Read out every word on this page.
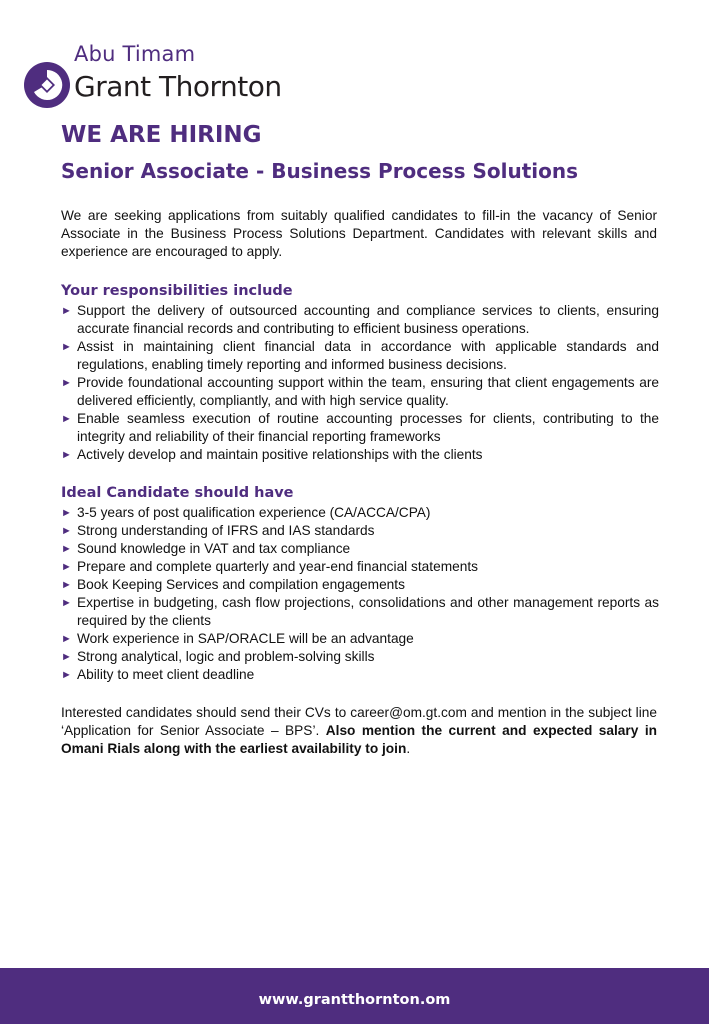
Abu Timam
Grant Thornton
WE ARE HIRING
Senior Associate - Business Process Solutions

We are seeking applications from suitably qualified candidates to fill-in the vacancy of Senior Associate in the Business Process Solutions Department. Candidates with relevant skills and experience are encouraged to apply.

Your responsibilities include
► Support the delivery of outsourced accounting and compliance services to clients, ensuring accurate financial records and contributing to efficient business operations.
► Assist in maintaining client financial data in accordance with applicable standards and regulations, enabling timely reporting and informed business decisions.
► Provide foundational accounting support within the team, ensuring that client engagements are delivered efficiently, compliantly, and with high service quality.
► Enable seamless execution of routine accounting processes for clients, contributing to the integrity and reliability of their financial reporting frameworks
► Actively develop and maintain positive relationships with the clients
Ideal Candidate should have
► 3-5 years of post qualification experience (CA/ACCA/CPA)
► Strong understanding of IFRS and IAS standards
► Sound knowledge in VAT and tax compliance
► Prepare and complete quarterly and year-end financial statements
► Book Keeping Services and compilation engagements
► Expertise in budgeting, cash flow projections, consolidations and other management reports as required by the clients
► Work experience in SAP/ORACLE will be an advantage
► Strong analytical, logic and problem-solving skills
► Ability to meet client deadline

Interested candidates should send their CVs to career@om.gt.com and mention in the subject line ‘Application for Senior Associate – BPS’. Also mention the current and expected salary in Omani Rials along with the earliest availability to join.

www.grantthornton.om
